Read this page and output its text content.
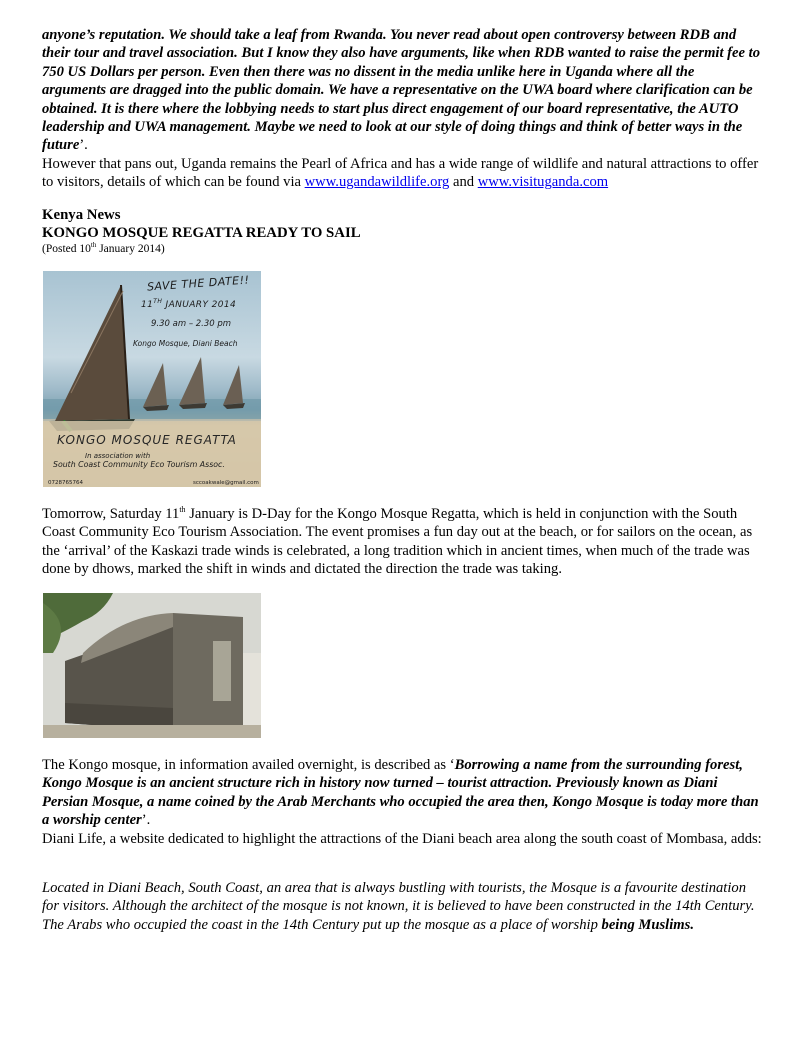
anyone’s reputation. We should take a leaf from Rwanda. You never read about open controversy between RDB and their tour and travel association. But I know they also have arguments, like when RDB wanted to raise the permit fee to 750 US Dollars per person. Even then there was no dissent in the media unlike here in Uganda where all the arguments are dragged into the public domain. We have a representative on the UWA board where clarification can be obtained. It is there where the lobbying needs to start plus direct engagement of our board representative, the AUTO leadership and UWA management. Maybe we need to look at our style of doing things and think of better ways in the future’.

However that pans out, Uganda remains the Pearl of Africa and has a wide range of wildlife and natural attractions to offer to visitors, details of which can be found via www.ugandawildlife.org and www.visituganda.com

Kenya News

KONGO MOSQUE REGATTA READY TO SAIL

(Posted 10th January 2014)

SAVE THE DATE!!
11TH JANUARY 2014
9.30 am – 2.30 pm
Kongo Mosque, Diani Beach
KONGO MOSQUE REGATTA
In association with
South Coast Community Eco Tourism Assoc.
0728765764	sccoakwale@gmail.com

Tomorrow, Saturday 11th January is D-Day for the Kongo Mosque Regatta, which is held in conjunction with the South Coast Community Eco Tourism Association. The event promises a fun day out at the beach, or for sailors on the ocean, as the ‘arrival’ of the Kaskazi trade winds is celebrated, a long tradition which in ancient times, when much of the trade was done by dhows, marked the shift in winds and dictated the direction the trade was taking.

The Kongo mosque, in information availed overnight, is described as ‘Borrowing a name from the surrounding forest, Kongo Mosque is an ancient structure rich in history now turned – tourist attraction. Previously known as Diani Persian Mosque, a name coined by the Arab Merchants who occupied the area then, Kongo Mosque is today more than a worship center’.

Diani Life, a website dedicated to highlight the attractions of the Diani beach area along the south coast of Mombasa, adds:

Located in Diani Beach, South Coast, an area that is always bustling with tourists, the Mosque is a favourite destination for visitors. Although the architect of the mosque is not known, it is believed to have been constructed in the 14th Century. The Arabs who occupied the coast in the 14th Century put up the mosque as a place of worship being Muslims.
